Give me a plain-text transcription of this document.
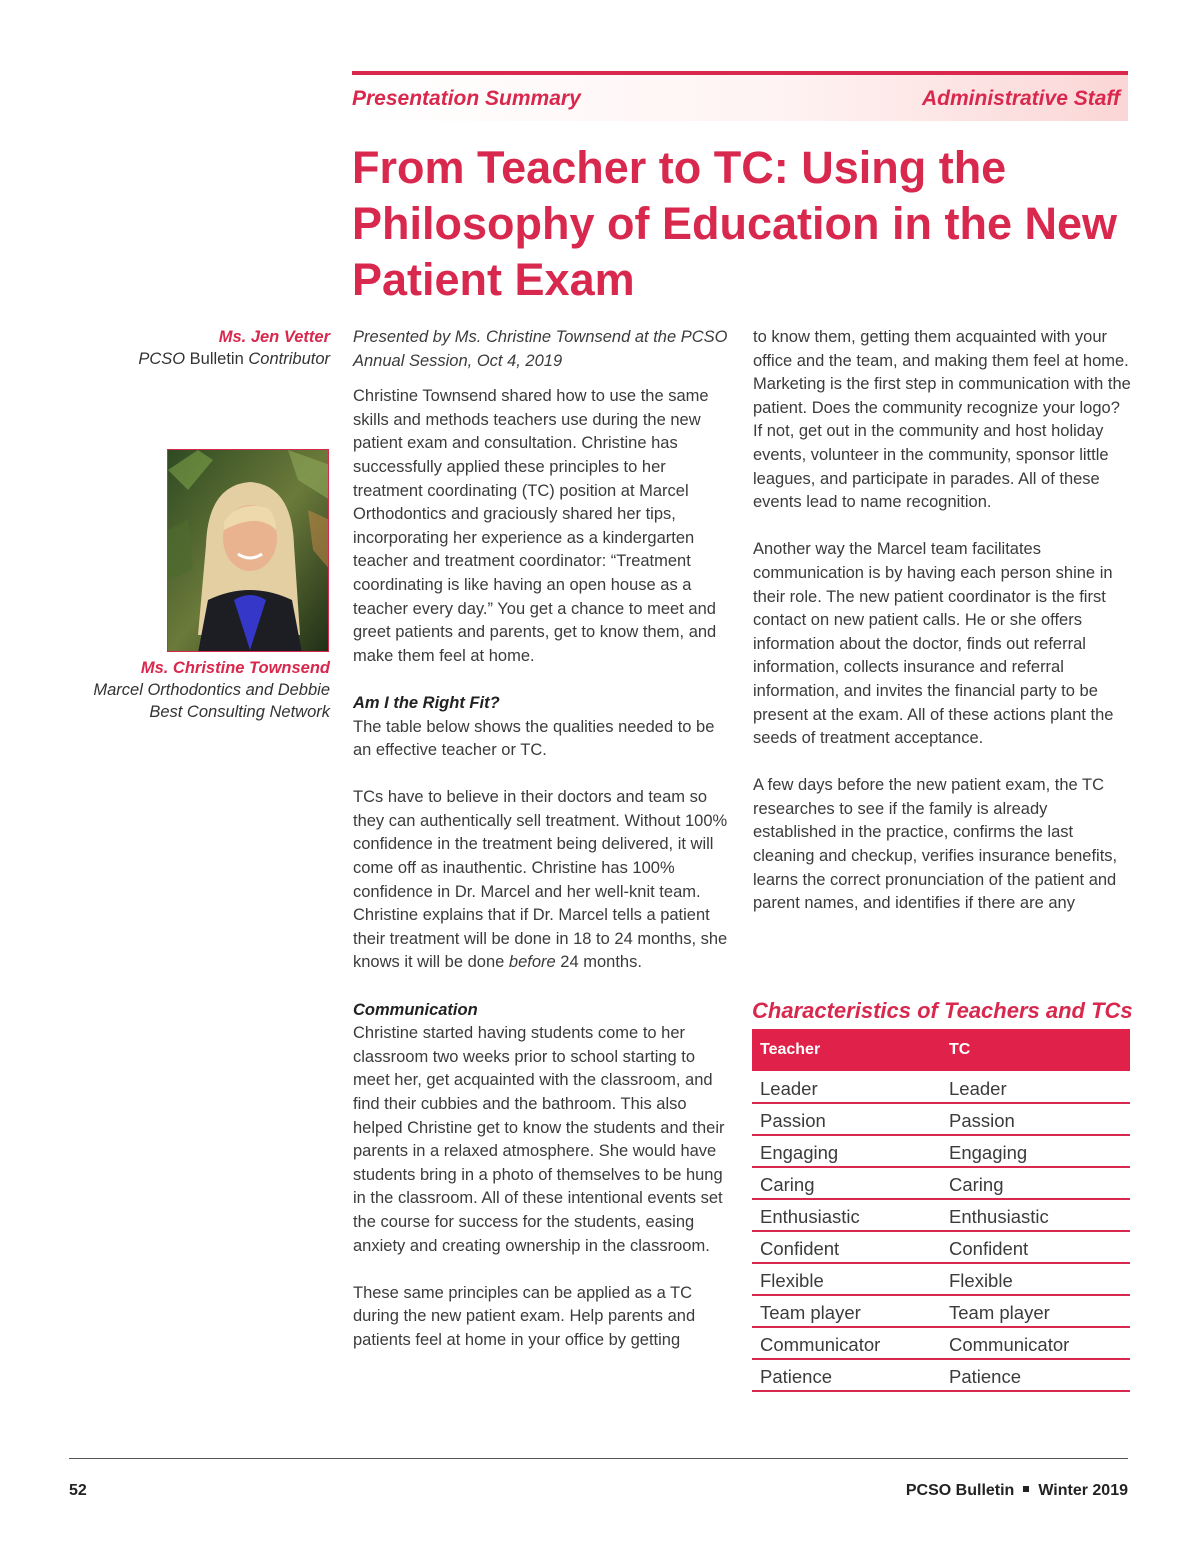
Presentation Summary	Administrative Staff
From Teacher to TC: Using the Philosophy of Education in the New Patient Exam
Ms. Jen Vetter
PCSO Bulletin Contributor
Ms. Christine Townsend
Marcel Orthodontics and Debbie
Best Consulting Network

Presented by Ms. Christine Townsend at the PCSO Annual Session, Oct 4, 2019

Christine Townsend shared how to use the same skills and methods teachers use during the new patient exam and consultation. Christine has successfully applied these principles to her treatment coordinating (TC) position at Marcel Orthodontics and graciously shared her tips, incorporating her experience as a kindergarten teacher and treatment coordinator: “Treatment coordinating is like having an open house as a teacher every day.” You get a chance to meet and greet patients and parents, get to know them, and make them feel at home.

Am I the Right Fit?

The table below shows the qualities needed to be an effective teacher or TC.

TCs have to believe in their doctors and team so they can authentically sell treatment. Without 100% confidence in the treatment being delivered, it will come off as inauthentic. Christine has 100% confidence in Dr. Marcel and her well-knit team. Christine explains that if Dr. Marcel tells a patient their treatment will be done in 18 to 24 months, she knows it will be done before 24 months.

Communication

Christine started having students come to her classroom two weeks prior to school starting to meet her, get acquainted with the classroom, and find their cubbies and the bathroom. This also helped Christine get to know the students and their parents in a relaxed atmosphere. She would have students bring in a photo of themselves to be hung in the classroom. All of these intentional events set the course for success for the students, easing anxiety and creating ownership in the classroom.

These same principles can be applied as a TC during the new patient exam. Help parents and patients feel at home in your office by getting

to know them, getting them acquainted with your office and the team, and making them feel at home. Marketing is the first step in communication with the patient. Does the community recognize your logo? If not, get out in the community and host holiday events, volunteer in the community, sponsor little leagues, and participate in parades. All of these events lead to name recognition.

Another way the Marcel team facilitates communication is by having each person shine in their role. The new patient coordinator is the first contact on new patient calls. He or she offers information about the doctor, finds out referral information, collects insurance and referral information, and invites the financial party to be present at the exam. All of these actions plant the seeds of treatment acceptance.

A few days before the new patient exam, the TC researches to see if the family is already established in the practice, confirms the last cleaning and checkup, verifies insurance benefits, learns the correct pronunciation of the patient and parent names, and identifies if there are any

Characteristics of Teachers and TCs
Teacher	TC
Leader	Leader
Passion	Passion
Engaging	Engaging
Caring	Caring
Enthusiastic	Enthusiastic
Confident	Confident
Flexible	Flexible
Team player	Team player
Communicator	Communicator
Patience	Patience
52	PCSO Bulletin Winter 2019
